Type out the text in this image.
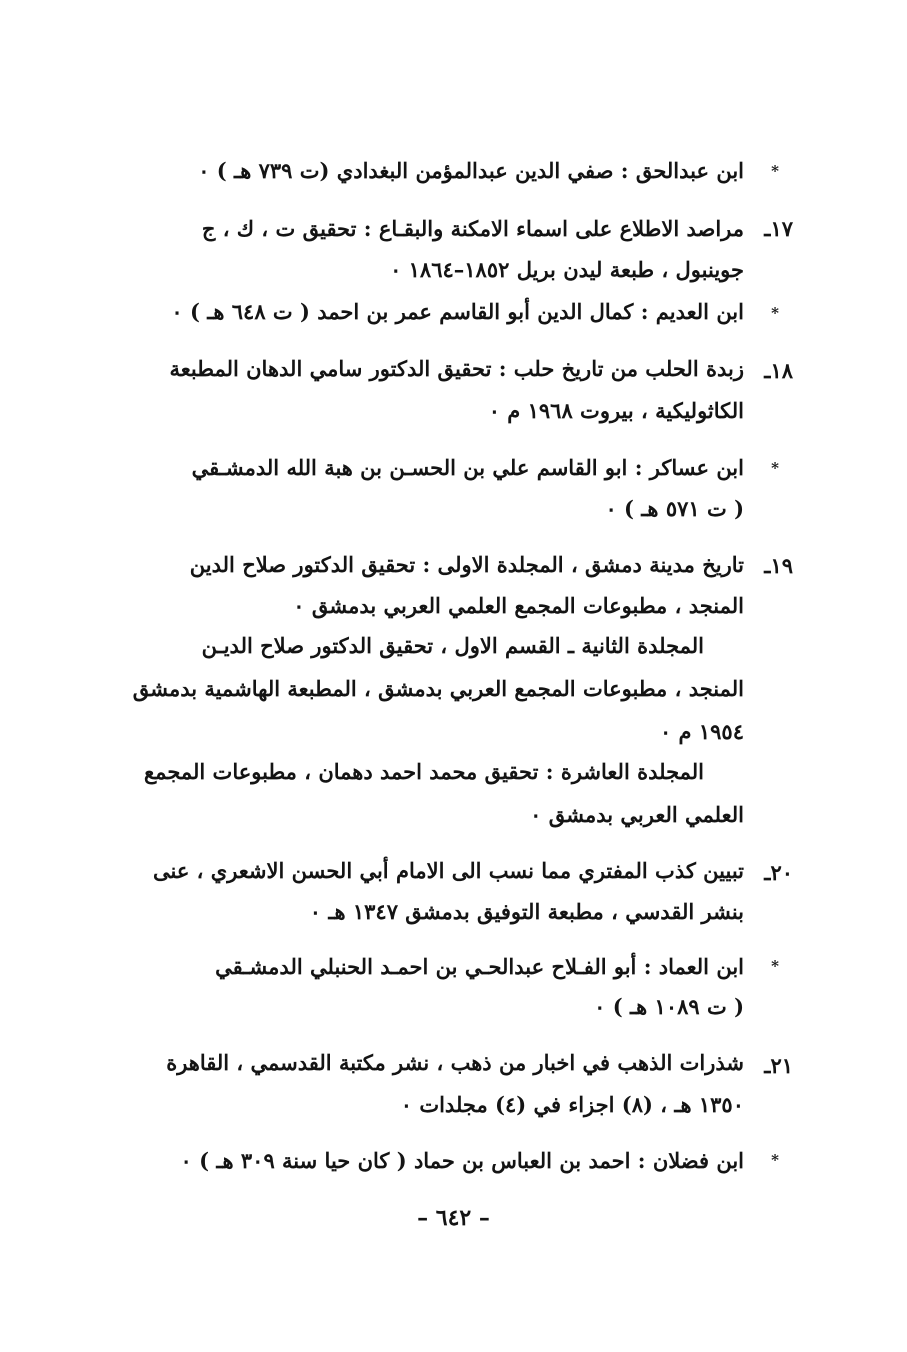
*
ابن عبدالحق : صفي الدين عبدالمؤمن البغدادي (ت ٧٣٩ هـ ) ٠
١٧ـ
مراصد الاطلاع على اسماء الامكنة والبقـاع : تحقيق ت ، ك ، ج
جوينبول ، طبعة ليدن بريل ١٨٥٢–١٨٦٤ ٠
*
ابن العديم : كمال الدين أبو القاسم عمر بن احمد ( ت ٦٤٨ هـ ) ٠
١٨ـ
زبدة الحلب من تاريخ حلب : تحقيق الدكتور سامي الدهان المطبعة
الكاثوليكية ، بيروت ١٩٦٨ م ٠
*
ابن عساكر : ابو القاسم علي بن الحسـن بن هبة الله الدمشـقي
( ت ٥٧١ هـ ) ٠
١٩ـ
تاريخ مدينة دمشق ، المجلدة الاولى : تحقيق الدكتور صلاح الدين
المنجد ، مطبوعات المجمع العلمي العربي بدمشق ٠
المجلدة الثانية ـ القسم الاول ، تحقيق الدكتور صلاح الديـن
المنجد ، مطبوعات المجمع العربي بدمشق ، المطبعة الهاشمية بدمشق
١٩٥٤ م ٠
المجلدة العاشرة : تحقيق محمد احمد دهمان ، مطبوعات المجمع
العلمي العربي بدمشق ٠
٢٠ـ
تبيين كذب المفتري مما نسب الى الامام أبي الحسن الاشعري ، عنى
بنشر القدسي ، مطبعة التوفيق بدمشق ١٣٤٧ هـ ٠
*
ابن العماد : أبو الفـلاح عبدالحـي بن احمـد الحنبلي الدمشـقي
( ت ١٠٨٩ هـ ) ٠
٢١ـ
شذرات الذهب في اخبار من ذهب ، نشر مكتبة القدسمي ، القاهرة
١٣٥٠ هـ ، (٨) اجزاء في (٤) مجلدات ٠
*
ابن فضلان : احمد بن العباس بن حماد ( كان حيا سنة ٣٠٩ هـ ) ٠
– ٦٤٢ –
